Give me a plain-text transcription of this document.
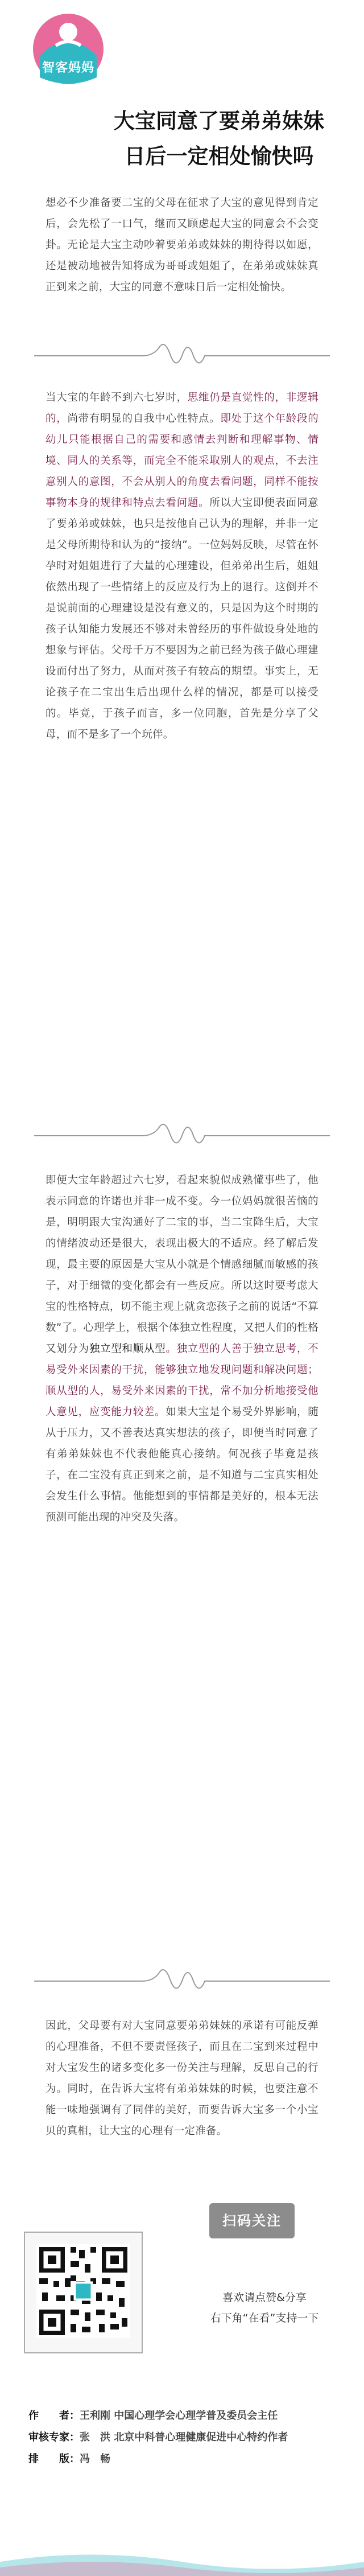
智客妈妈
大宝同意了要弟弟妹妹
日后一定相处愉快吗
想必不少准备要二宝的父母在征求了大宝的意见得到肯定后，会先松了一口气，继而又顾虑起大宝的同意会不会变卦。无论是大宝主动吵着要弟弟或妹妹的期待得以如愿，还是被动地被告知将成为哥哥或姐姐了，在弟弟或妹妹真正到来之前，大宝的同意不意味日后一定相处愉快。
当大宝的年龄不到六七岁时，思维仍是直觉性的，非逻辑的，尚带有明显的自我中心性特点。即处于这个年龄段的幼儿只能根据自己的需要和感情去判断和理解事物、情境、同人的关系等，而完全不能采取别人的观点，不去注意别人的意图，不会从别人的角度去看问题，同样不能按事物本身的规律和特点去看问题。所以大宝即便表面同意了要弟弟或妹妹，也只是按他自己认为的理解，并非一定是父母所期待和认为的“接纳”。一位妈妈反映，尽管在怀孕时对姐姐进行了大量的心理建设，但弟弟出生后，姐姐依然出现了一些情绪上的反应及行为上的退行。这倒并不是说前面的心理建设是没有意义的，只是因为这个时期的孩子认知能力发展还不够对未曾经历的事件做设身处地的想象与评估。父母千万不要因为之前已经为孩子做心理建设而付出了努力，从而对孩子有较高的期望。事实上，无论孩子在二宝出生后出现什么样的情况，都是可以接受的。毕竟，于孩子而言，多一位同胞，首先是分享了父母，而不是多了一个玩伴。
即便大宝年龄超过六七岁，看起来貌似成熟懂事些了，他表示同意的许诺也并非一成不变。今一位妈妈就很苦恼的是，明明跟大宝沟通好了二宝的事，当二宝降生后，大宝的情绪波动还是很大，表现出极大的不适应。经了解后发现，最主要的原因是大宝从小就是个情感细腻而敏感的孩子，对于细微的变化都会有一些反应。所以这时要考虑大宝的性格特点，切不能主观上就贪恋孩子之前的说话“不算数”了。心理学上，根据个体独立性程度，又把人们的性格又划分为独立型和顺从型。独立型的人善于独立思考，不易受外来因素的干扰，能够独立地发现问题和解决问题；顺从型的人，易受外来因素的干扰，常不加分析地接受他人意见，应变能力较差。如果大宝是个易受外界影响，随从于压力，又不善表达真实想法的孩子，即便当时同意了有弟弟妹妹也不代表他能真心接纳。何况孩子毕竟是孩子，在二宝没有真正到来之前，是不知道与二宝真实相处会发生什么事情。他能想到的事情都是美好的，根本无法预测可能出现的冲突及失落。
因此，父母要有对大宝同意要弟弟妹妹的承诺有可能反弹的心理准备，不但不要责怪孩子，而且在二宝到来过程中对大宝发生的诸多变化多一份关注与理解，反思自己的行为。同时，在告诉大宝将有弟弟妹妹的时候，也要注意不能一味地强调有了同伴的美好，而要告诉大宝多一个小宝贝的真相，让大宝的心理有一定准备。
扫码关注
喜欢请点赞&分享
右下角“在看”支持一下
作　　者：王利刚 中国心理学会心理学普及委员会主任
审核专家：张　洪 北京中科普心理健康促进中心特约作者
排　　版：冯　畅
